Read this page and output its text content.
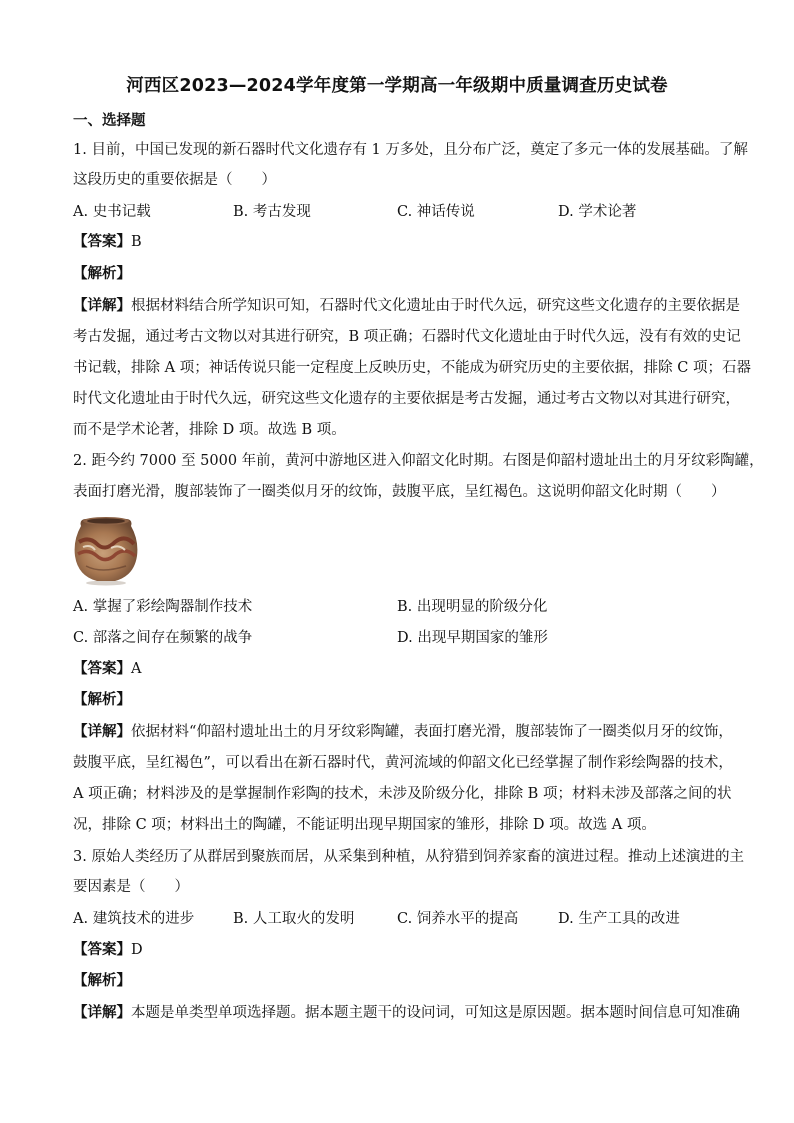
河西区2023—2024学年度第一学期高一年级期中质量调查历史试卷
一、选择题
1. 目前，中国已发现的新石器时代文化遗存有 1 万多处，且分布广泛，奠定了多元一体的发展基础。了解
这段历史的重要依据是（　　）
A. 史书记载	B. 考古发现	C. 神话传说	D. 学术论著
【答案】B
【解析】
【详解】根据材料结合所学知识可知，石器时代文化遗址由于时代久远，研究这些文化遗存的主要依据是
考古发掘，通过考古文物以对其进行研究，B 项正确；石器时代文化遗址由于时代久远，没有有效的史记
书记载，排除 A 项；神话传说只能一定程度上反映历史，不能成为研究历史的主要依据，排除 C 项；石器
时代文化遗址由于时代久远，研究这些文化遗存的主要依据是考古发掘，通过考古文物以对其进行研究，
而不是学术论著，排除 D 项。故选 B 项。
2. 距今约 7000 至 5000 年前，黄河中游地区进入仰韶文化时期。右图是仰韶村遗址出土的月牙纹彩陶罐，
表面打磨光滑，腹部装饰了一圈类似月牙的纹饰，鼓腹平底，呈红褐色。这说明仰韶文化时期（　　）
A. 掌握了彩绘陶器制作技术	B. 出现明显的阶级分化
C. 部落之间存在频繁的战争	D. 出现早期国家的雏形
【答案】A
【解析】
【详解】依据材料“仰韶村遗址出土的月牙纹彩陶罐，表面打磨光滑，腹部装饰了一圈类似月牙的纹饰，
鼓腹平底，呈红褐色”，可以看出在新石器时代，黄河流域的仰韶文化已经掌握了制作彩绘陶器的技术，
A 项正确；材料涉及的是掌握制作彩陶的技术，未涉及阶级分化，排除 B 项；材料未涉及部落之间的状
况，排除 C 项；材料出土的陶罐，不能证明出现早期国家的雏形，排除 D 项。故选 A 项。
3. 原始人类经历了从群居到聚族而居，从采集到种植，从狩猎到饲养家畜的演进过程。推动上述演进的主
要因素是（　　）
A. 建筑技术的进步	B. 人工取火的发明	C. 饲养水平的提高	D. 生产工具的改进
【答案】D
【解析】
【详解】本题是单类型单项选择题。据本题主题干的设问词，可知这是原因题。据本题时间信息可知准确
